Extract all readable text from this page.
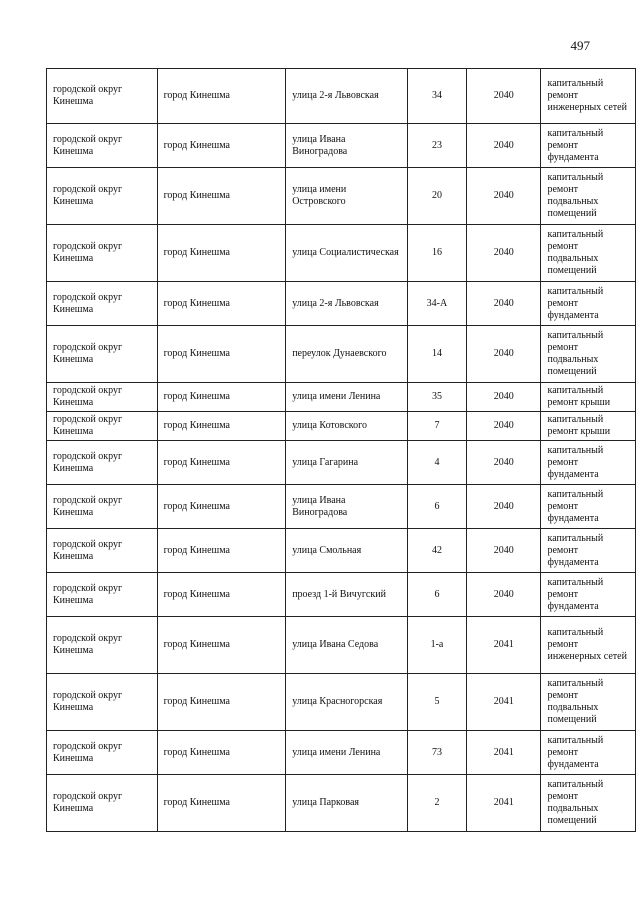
497
городской округ Кинешма	город Кинешма	улица 2-я Львовская	34	2040	капитальный ремонт инженерных сетей
городской округ Кинешма	город Кинешма	улица Ивана Виноградова	23	2040	капитальный ремонт фундамента
городской округ Кинешма	город Кинешма	улица имени Островского	20	2040	капитальный ремонт подвальных помещений
городской округ Кинешма	город Кинешма	улица Социалистическая	16	2040	капитальный ремонт подвальных помещений
городской округ Кинешма	город Кинешма	улица 2-я Львовская	34-А	2040	капитальный ремонт фундамента
городской округ Кинешма	город Кинешма	переулок Дунаевского	14	2040	капитальный ремонт подвальных помещений
городской округ Кинешма	город Кинешма	улица имени Ленина	35	2040	капитальный ремонт крыши
городской округ Кинешма	город Кинешма	улица Котовского	7	2040	капитальный ремонт крыши
городской округ Кинешма	город Кинешма	улица Гагарина	4	2040	капитальный ремонт фундамента
городской округ Кинешма	город Кинешма	улица Ивана Виноградова	6	2040	капитальный ремонт фундамента
городской округ Кинешма	город Кинешма	улица Смольная	42	2040	капитальный ремонт фундамента
городской округ Кинешма	город Кинешма	проезд 1-й Вичугский	6	2040	капитальный ремонт фундамента
городской округ Кинешма	город Кинешма	улица Ивана Седова	1-а	2041	капитальный ремонт инженерных сетей
городской округ Кинешма	город Кинешма	улица Красногорская	5	2041	капитальный ремонт подвальных помещений
городской округ Кинешма	город Кинешма	улица имени Ленина	73	2041	капитальный ремонт фундамента
городской округ Кинешма	город Кинешма	улица Парковая	2	2041	капитальный ремонт подвальных помещений
